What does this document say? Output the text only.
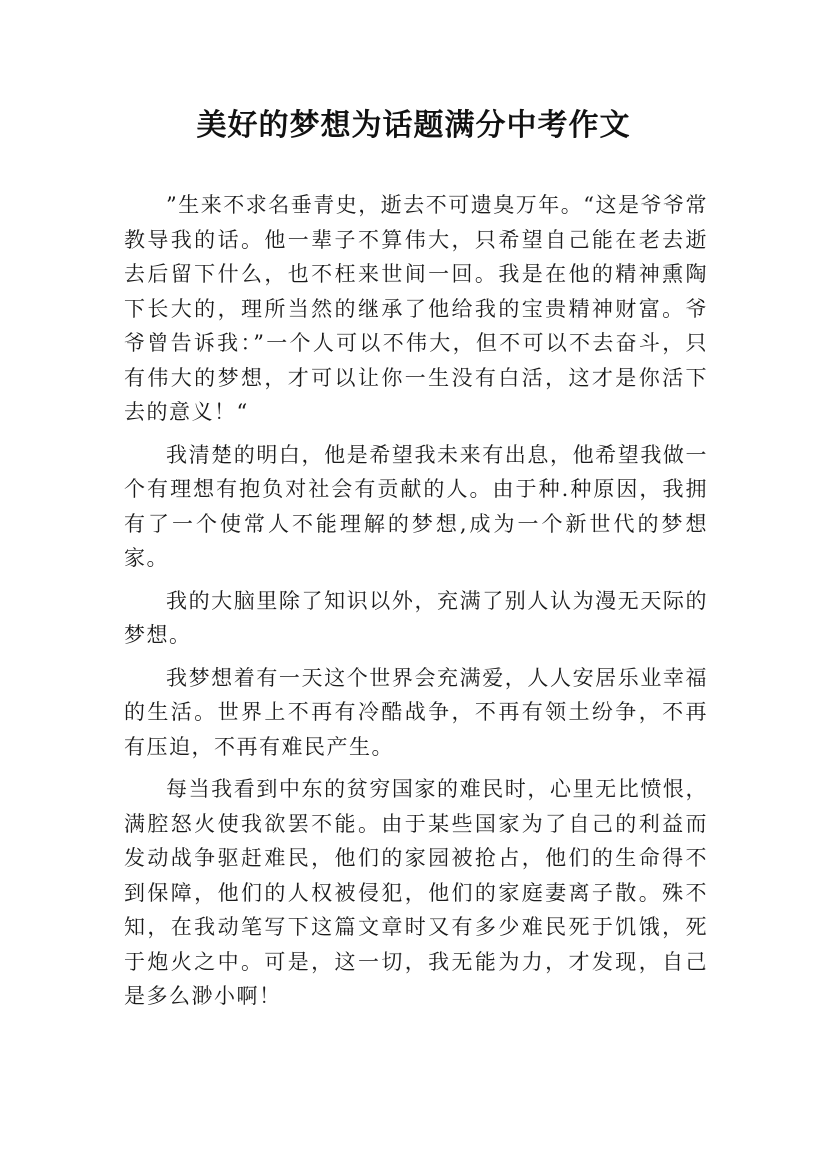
美好的梦想为话题满分中考作文

”生来不求名垂青史，逝去不可遗臭万年。“这是爷爷常教导我的话。他一辈子不算伟大，只希望自己能在老去逝去后留下什么，也不枉来世间一回。我是在他的精神熏陶下长大的，理所当然的继承了他给我的宝贵精神财富。爷爷曾告诉我：”一个人可以不伟大，但不可以不去奋斗，只有伟大的梦想，才可以让你一生没有白活，这才是你活下去的意义！“

我清楚的明白，他是希望我未来有出息，他希望我做一个有理想有抱负对社会有贡献的人。由于种.种原因，我拥有了一个使常人不能理解的梦想,成为一个新世代的梦想家。

我的大脑里除了知识以外，充满了别人认为漫无天际的梦想。

我梦想着有一天这个世界会充满爱，人人安居乐业幸福的生活。世界上不再有冷酷战争，不再有领土纷争，不再有压迫，不再有难民产生。

每当我看到中东的贫穷国家的难民时，心里无比愤恨，满腔怒火使我欲罢不能。由于某些国家为了自己的利益而发动战争驱赶难民，他们的家园被抢占，他们的生命得不到保障，他们的人权被侵犯，他们的家庭妻离子散。殊不知，在我动笔写下这篇文章时又有多少难民死于饥饿，死于炮火之中。可是，这一切，我无能为力，才发现，自己是多么渺小啊！
